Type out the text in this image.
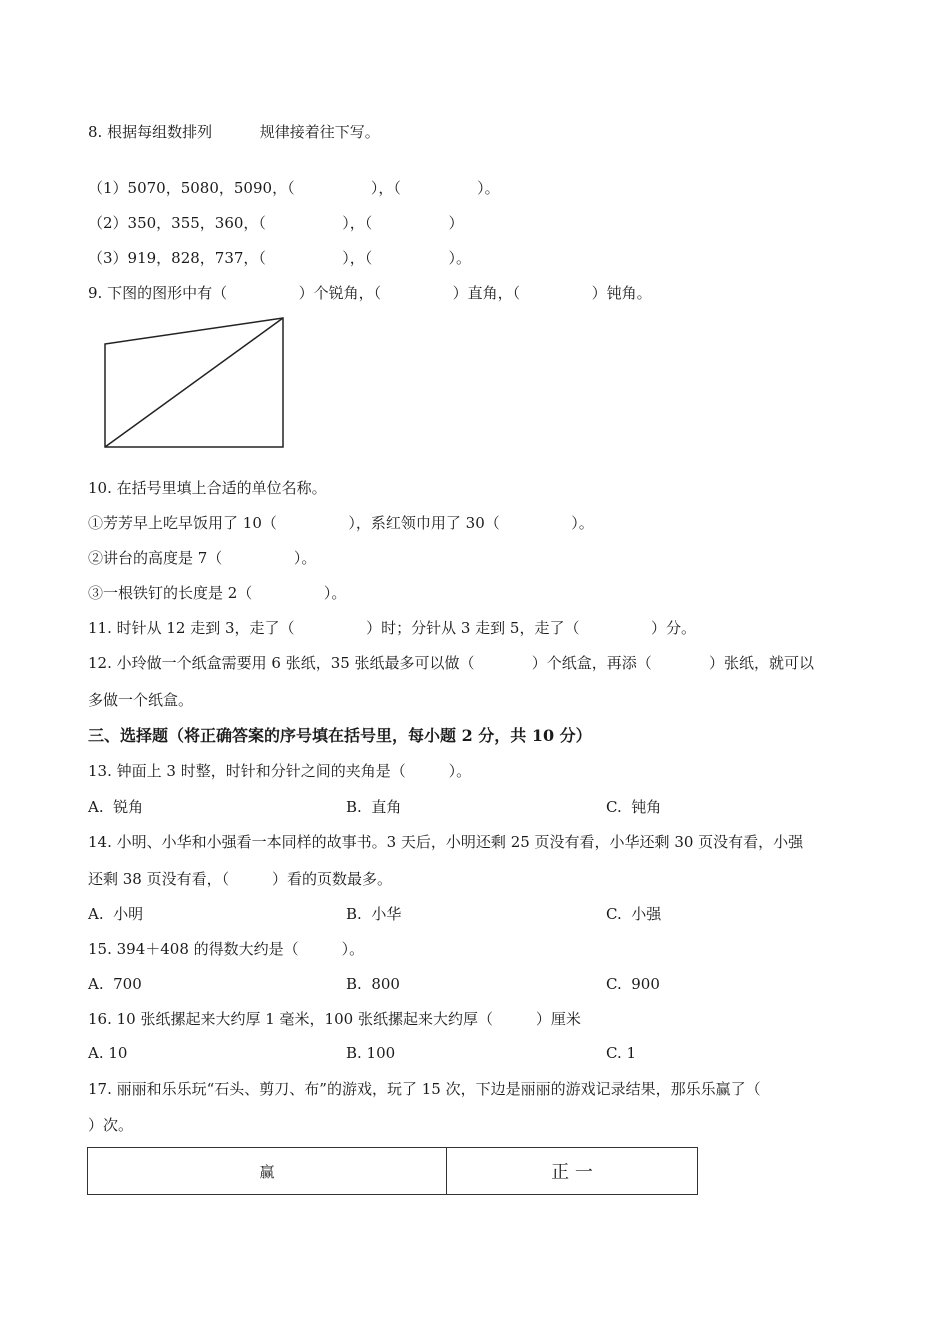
8. 根据每组数排列          规律接着往下写。
（1）5070，5080，5090，（                ），（                ）。
（2）350，355，360，（                ），（                ）
（3）919，828，737，（                ），（                ）。
9. 下图的图形中有（               ）个锐角，（               ）直角，（               ）钝角。
10. 在括号里填上合适的单位名称。
①芳芳早上吃早饭用了 10（               ），系红领巾用了 30（               ）。
②讲台的高度是 7（               ）。
③一根铁钉的长度是 2（               ）。
11. 时针从 12 走到 3，走了（               ）时；分针从 3 走到 5，走了（               ）分。
12. 小玲做一个纸盒需要用 6 张纸，35 张纸最多可以做（            ）个纸盒，再添（            ）张纸，就可以
多做一个纸盒。
三、选择题（将正确答案的序号填在括号里，每小题 2 分，共 10 分）
13. 钟面上 3 时整，时针和分针之间的夹角是（         ）。
A.  锐角	B.  直角	C.  钝角
14. 小明、小华和小强看一本同样的故事书。3 天后，小明还剩 25 页没有看，小华还剩 30 页没有看，小强
还剩 38 页没有看，（         ）看的页数最多。
A.  小明	B.  小华	C.  小强
15. 394＋408 的得数大约是（         ）。
A.  700	B.  800	C.  900
16. 10 张纸摞起来大约厚 1 毫米，100 张纸摞起来大约厚（         ）厘米
A. 10	B. 100	C. 1
17. 丽丽和乐乐玩“石头、剪刀、布”的游戏，玩了 15 次，下边是丽丽的游戏记录结果，那乐乐赢了（
）次。
赢	正 一
